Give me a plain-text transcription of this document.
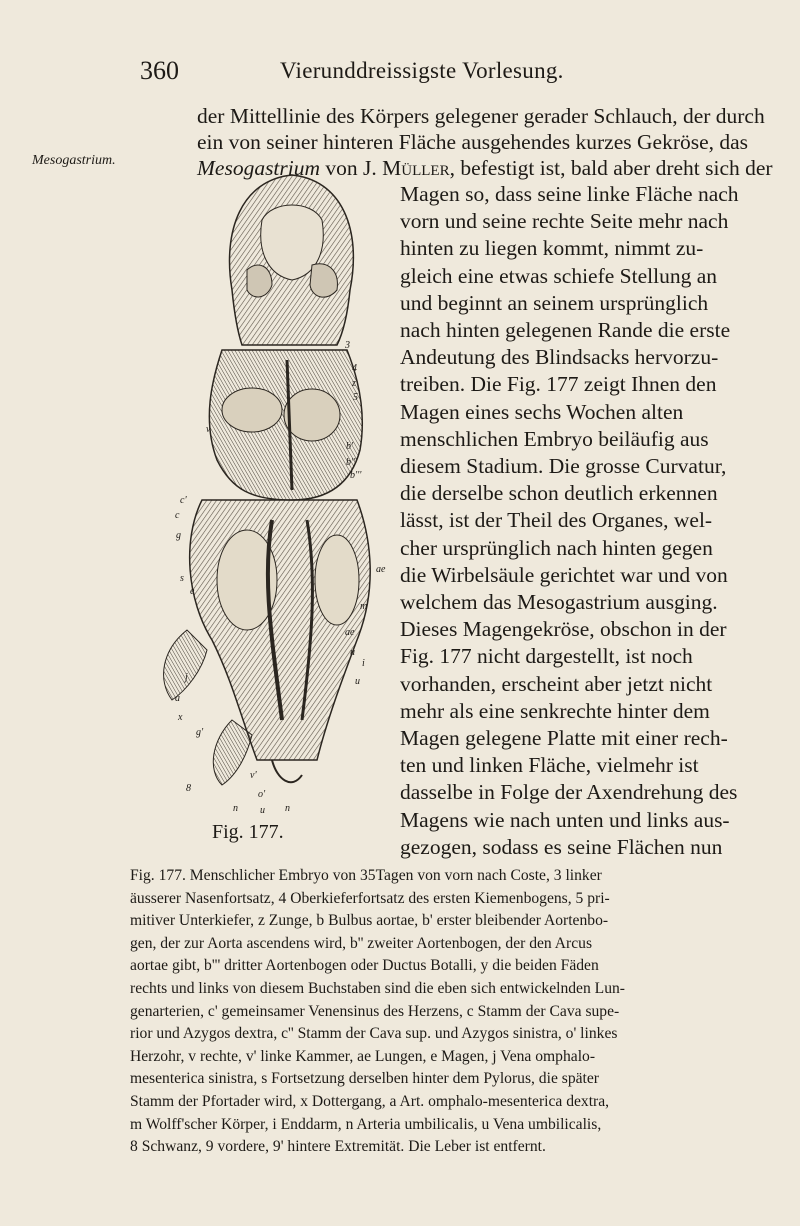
360	Vierunddreissigste Vorlesung.
Mesogastrium.
der Mittellinie des Körpers gelegener gerader Schlauch, der durch
ein von seiner hinteren Fläche ausgehendes kurzes Gekröse, das
Mesogastrium von J. Müller, befestigt ist, bald aber dreht sich der
Magen so, dass seine linke Fläche nach
vorn und seine rechte Seite mehr nach
hinten zu liegen kommt, nimmt zu-
gleich eine etwas schiefe Stellung an
und beginnt an seinem ursprünglich
nach hinten gelegenen Rande die erste
Andeutung des Blindsacks hervorzu-
treiben. Die Fig. 177 zeigt Ihnen den
Magen eines sechs Wochen alten
menschlichen Embryo beiläufig aus
diesem Stadium. Die grosse Curvatur,
die derselbe schon deutlich erkennen
lässt, ist der Theil des Organes, wel-
cher ursprünglich nach hinten gegen
die Wirbelsäule gerichtet war und von
welchem das Mesogastrium ausging.
Dieses Magengekröse, obschon in der
Fig. 177 nicht dargestellt, ist noch
vorhanden, erscheint aber jetzt nicht
mehr als eine senkrechte hinter dem
Magen gelegene Platte mit einer rech-
ten und linken Fläche, vielmehr ist
dasselbe in Folge der Axendrehung des
Magens wie nach unten und links aus-
gezogen, sodass es seine Flächen nun
Fig. 177.
Fig. 177. Menschlicher Embryo von 35Tagen von vorn nach Coste, 3 linker
äusserer Nasenfortsatz, 4 Oberkieferfortsatz des ersten Kiemenbogens, 5 pri-
mitiver Unterkiefer, z Zunge, b Bulbus aortae, b' erster bleibender Aortenbo-
gen, der zur Aorta ascendens wird, b'' zweiter Aortenbogen, der den Arcus
aortae gibt, b''' dritter Aortenbogen oder Ductus Botalli, y die beiden Fäden
rechts und links von diesem Buchstaben sind die eben sich entwickelnden Lun-
genarterien, c' gemeinsamer Venensinus des Herzens, c Stamm der Cava supe-
rior und Azygos dextra, c'' Stamm der Cava sup. und Azygos sinistra, o' linkes
Herzohr, v rechte, v' linke Kammer, ae Lungen, e Magen, j Vena omphalo-
mesenterica sinistra, s Fortsetzung derselben hinter dem Pylorus, die später
Stamm der Pfortader wird, x Dottergang, a Art. omphalo-mesenterica dextra,
m Wolff'scher Körper, i Enddarm, n Arteria umbilicalis, u Vena umbilicalis,
8 Schwanz, 9 vordere, 9' hintere Extremität. Die Leber ist entfernt.
3
4
z
5
v
b'
b''
b'''
c'
c
g
ae
s
e
m
ae
u
j
i
a
x
g'
8
n u n
o'
v'
u
